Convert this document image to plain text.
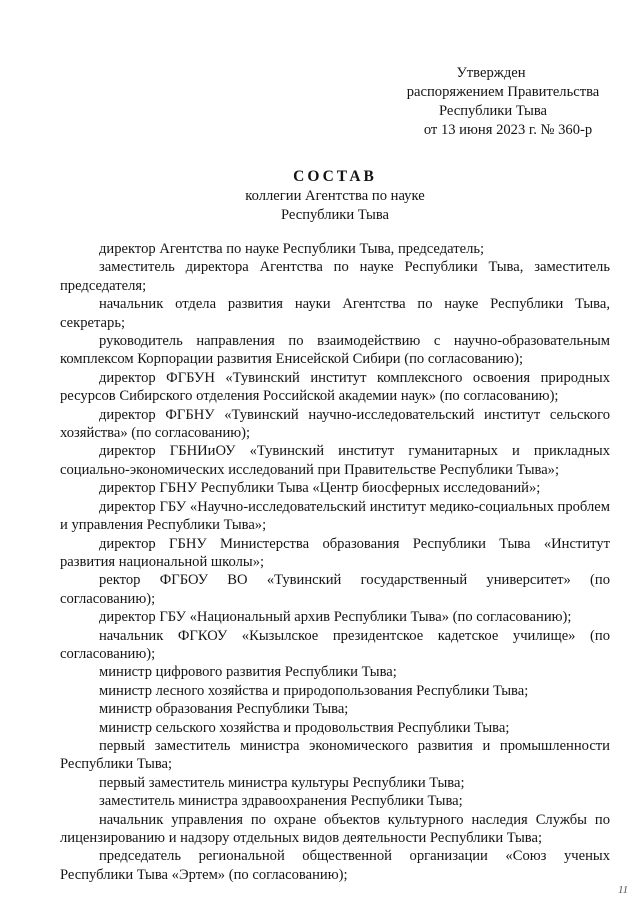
Утвержден
распоряжением Правительства
Республики Тыва
от 13 июня 2023 г. № 360-р
СОСТАВ
коллегии Агентства по науке
Республики Тыва

директор Агентства по науке Республики Тыва, председатель;

заместитель директора Агентства по науке Республики Тыва, заместитель председателя;

начальник отдела развития науки Агентства по науке Республики Тыва, секретарь;

руководитель направления по взаимодействию с научно-образовательным комплексом Корпорации развития Енисейской Сибири (по согласованию);

директор ФГБУН «Тувинский институт комплексного освоения природных ресурсов Сибирского отделения Российской академии наук» (по согласованию);

директор ФГБНУ «Тувинский научно-исследовательский институт сельского хозяйства» (по согласованию);

директор ГБНИиОУ «Тувинский институт гуманитарных и прикладных социально-экономических исследований при Правительстве Республики Тыва»;

директор ГБНУ Республики Тыва «Центр биосферных исследований»;

директор ГБУ «Научно-исследовательский институт медико-социальных проблем и управления Республики Тыва»;

директор ГБНУ Министерства образования Республики Тыва «Институт развития национальной школы»;

ректор ФГБОУ ВО «Тувинский государственный университет» (по согласованию);

директор ГБУ «Национальный архив Республики Тыва» (по согласованию);

начальник ФГКОУ «Кызылское президентское кадетское училище» (по согласованию);

министр цифрового развития Республики Тыва;

министр лесного хозяйства и природопользования Республики Тыва;

министр образования Республики Тыва;

министр сельского хозяйства и продовольствия Республики Тыва;

первый заместитель министра экономического развития и промышленности Республики Тыва;

первый заместитель министра культуры Республики Тыва;

заместитель министра здравоохранения Республики Тыва;

начальник управления по охране объектов культурного наследия Службы по лицензированию и надзору отдельных видов деятельности Республики Тыва;

председатель региональной общественной организации «Союз ученых Республики Тыва «Эртем» (по согласованию);

11
